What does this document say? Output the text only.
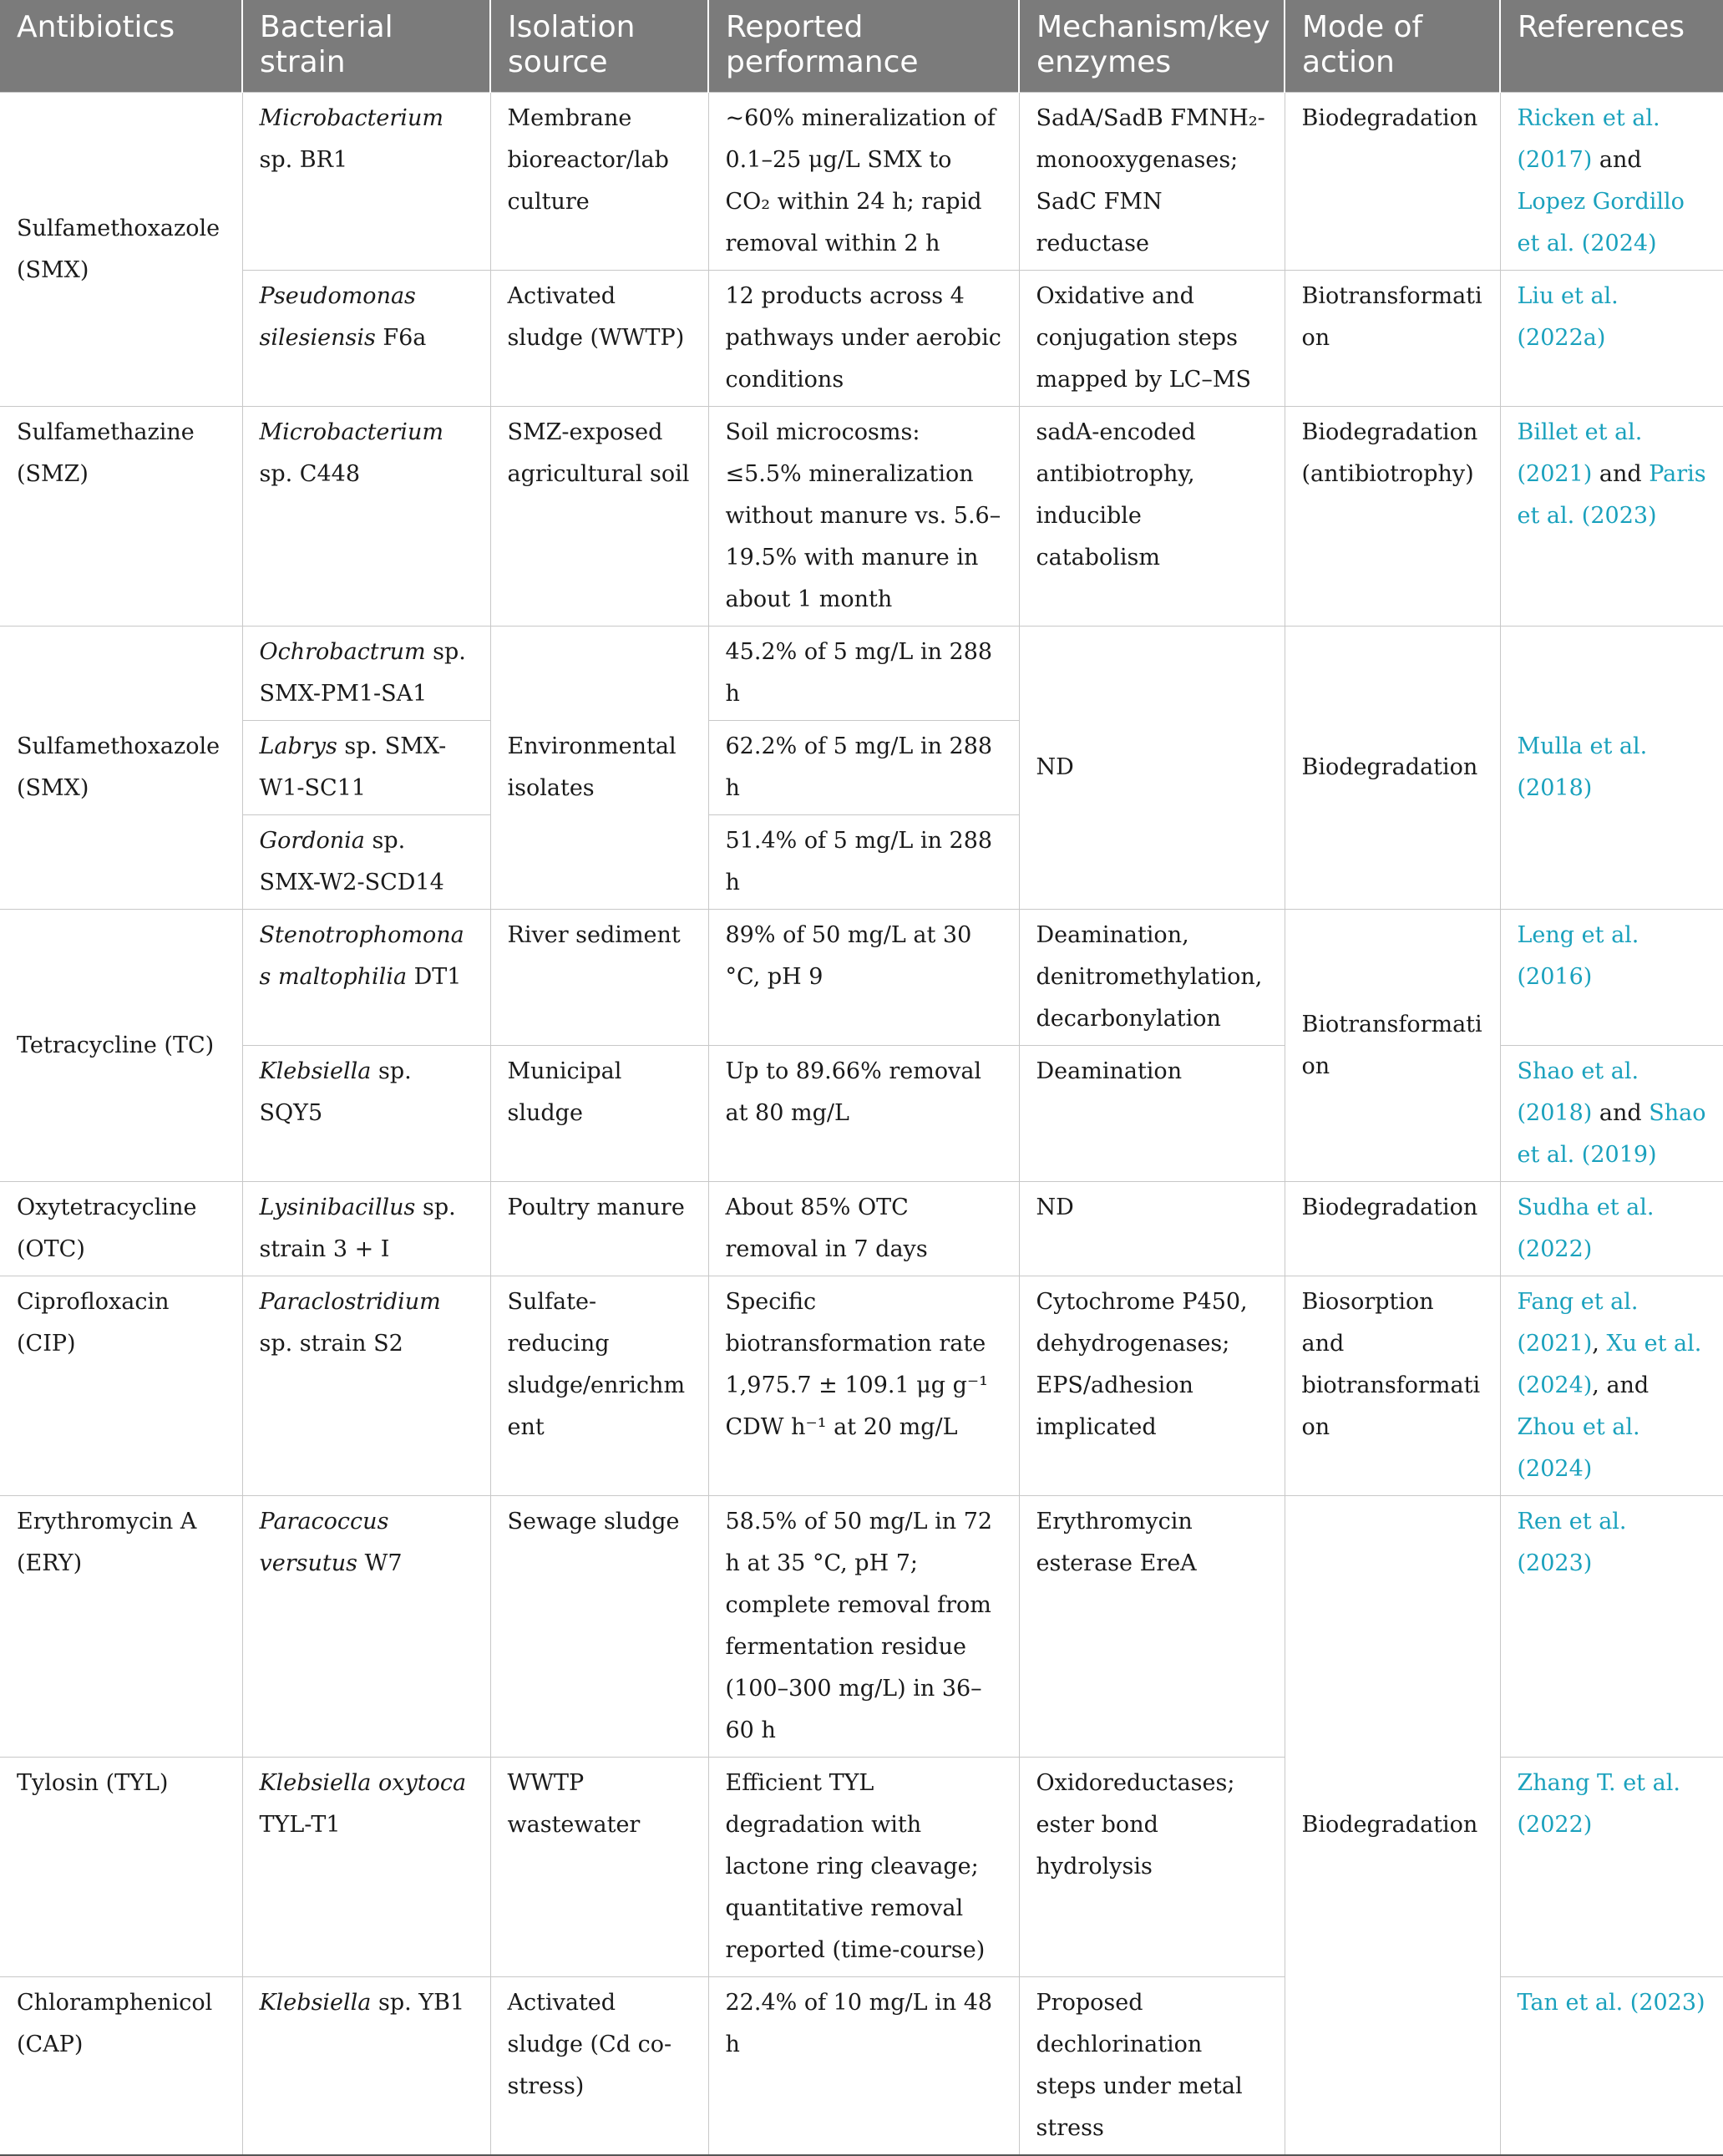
Antibiotics	Bacterial strain	Isolation source	Reported performance	Mechanism/key enzymes	Mode of action	References
Sulfamethoxazole (SMX)	Microbacterium sp. BR1	Membrane bioreactor/lab culture	~60% mineralization of 0.1–25 μg/L SMX to CO₂ within 24 h; rapid removal within 2 h	SadA/SadB FMNH₂-monooxygenases; SadC FMN reductase	Biodegradation	Ricken et al. (2017) and Lopez Gordillo et al. (2024)
	Pseudomonas silesiensis F6a	Activated sludge (WWTP)	12 products across 4 pathways under aerobic conditions	Oxidative and conjugation steps mapped by LC–MS	Biotransformation	Liu et al. (2022a)
Sulfamethazine (SMZ)	Microbacterium sp. C448	SMZ-exposed agricultural soil	Soil microcosms: ≤5.5% mineralization without manure vs. 5.6–19.5% with manure in about 1 month	sadA-encoded antibiotrophy, inducible catabolism	Biodegradation (antibiotrophy)	Billet et al. (2021) and Paris et al. (2023)
Sulfamethoxazole (SMX)	Ochrobactrum sp. SMX-PM1-SA1	Environmental isolates	45.2% of 5 mg/L in 288 h	ND	Biodegradation	Mulla et al. (2018)
	Labrys sp. SMX-W1-SC11		62.2% of 5 mg/L in 288 h			
	Gordonia sp. SMX-W2-SCD14		51.4% of 5 mg/L in 288 h			
Tetracycline (TC)	Stenotrophomonas maltophilia DT1	River sediment	89% of 50 mg/L at 30 °C, pH 9	Deamination, denitromethylation, decarbonylation	Biotransformation	Leng et al. (2016)
	Klebsiella sp. SQY5	Municipal sludge	Up to 89.66% removal at 80 mg/L	Deamination		Shao et al. (2018) and Shao et al. (2019)
Oxytetracycline (OTC)	Lysinibacillus sp. strain 3 + I	Poultry manure	About 85% OTC removal in 7 days	ND	Biodegradation	Sudha et al. (2022)
Ciprofloxacin (CIP)	Paraclostridium sp. strain S2	Sulfate-reducing sludge/enrichment	Specific biotransformation rate 1,975.7 ± 109.1 μg g⁻¹ CDW h⁻¹ at 20 mg/L	Cytochrome P450, dehydrogenases; EPS/adhesion implicated	Biosorption and biotransformation	Fang et al. (2021), Xu et al. (2024), and Zhou et al. (2024)
Erythromycin A (ERY)	Paracoccus versutus W7	Sewage sludge	58.5% of 50 mg/L in 72 h at 35 °C, pH 7; complete removal from fermentation residue (100–300 mg/L) in 36–60 h	Erythromycin esterase EreA	Biodegradation	Ren et al. (2023)
Tylosin (TYL)	Klebsiella oxytoca TYL-T1	WWTP wastewater	Efficient TYL degradation with lactone ring cleavage; quantitative removal reported (time-course)	Oxidoreductases; ester bond hydrolysis		Zhang T. et al. (2022)
Chloramphenicol (CAP)	Klebsiella sp. YB1	Activated sludge (Cd co-stress)	22.4% of 10 mg/L in 48 h	Proposed dechlorination steps under metal stress		Tan et al. (2023)
